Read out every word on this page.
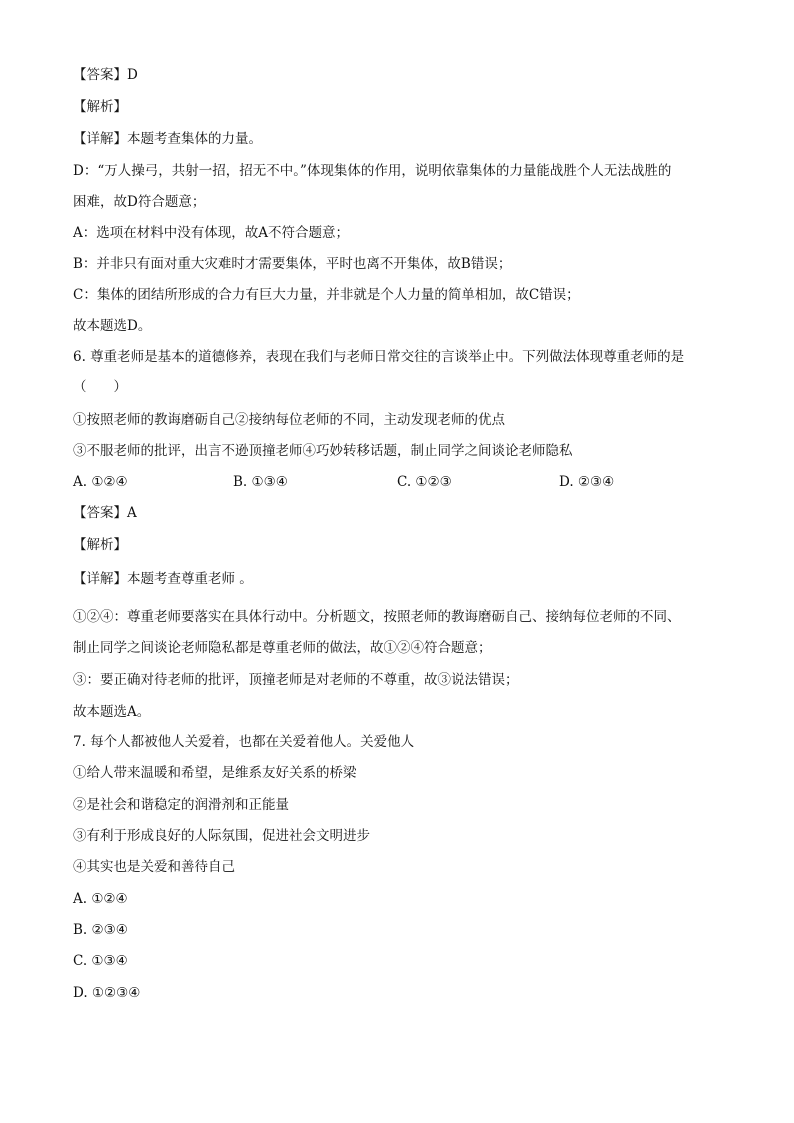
【答案】D
【解析】
【详解】本题考查集体的力量。
D：“万人操弓，共射一招，招无不中。”体现集体的作用，说明依靠集体的力量能战胜个人无法战胜的
困难，故D符合题意；
A：选项在材料中没有体现，故A不符合题意；
B：并非只有面对重大灾难时才需要集体，平时也离不开集体，故B错误；
C：集体的团结所形成的合力有巨大力量，并非就是个人力量的简单相加，故C错误；
故本题选D。
6. 尊重老师是基本的道德修养，表现在我们与老师日常交往的言谈举止中。下列做法体现尊重老师的是
（　　）
①按照老师的教诲磨砺自己②接纳每位老师的不同，主动发现老师的优点
③不服老师的批评，出言不逊顶撞老师④巧妙转移话题，制止同学之间谈论老师隐私
A. ①②④	B. ①③④	C. ①②③	D. ②③④
【答案】A
【解析】
【详解】本题考查尊重老师 。
①②④：尊重老师要落实在具体行动中。分析题文，按照老师的教诲磨砺自己、接纳每位老师的不同、
制止同学之间谈论老师隐私都是尊重老师的做法，故①②④符合题意；
③：要正确对待老师的批评，顶撞老师是对老师的不尊重，故③说法错误；
故本题选A。
7. 每个人都被他人关爱着，也都在关爱着他人。关爱他人
①给人带来温暖和希望，是维系友好关系的桥梁
②是社会和谐稳定的润滑剂和正能量
③有利于形成良好的人际氛围，促进社会文明进步
④其实也是关爱和善待自己
A. ①②④
B. ②③④
C. ①③④
D. ①②③④
